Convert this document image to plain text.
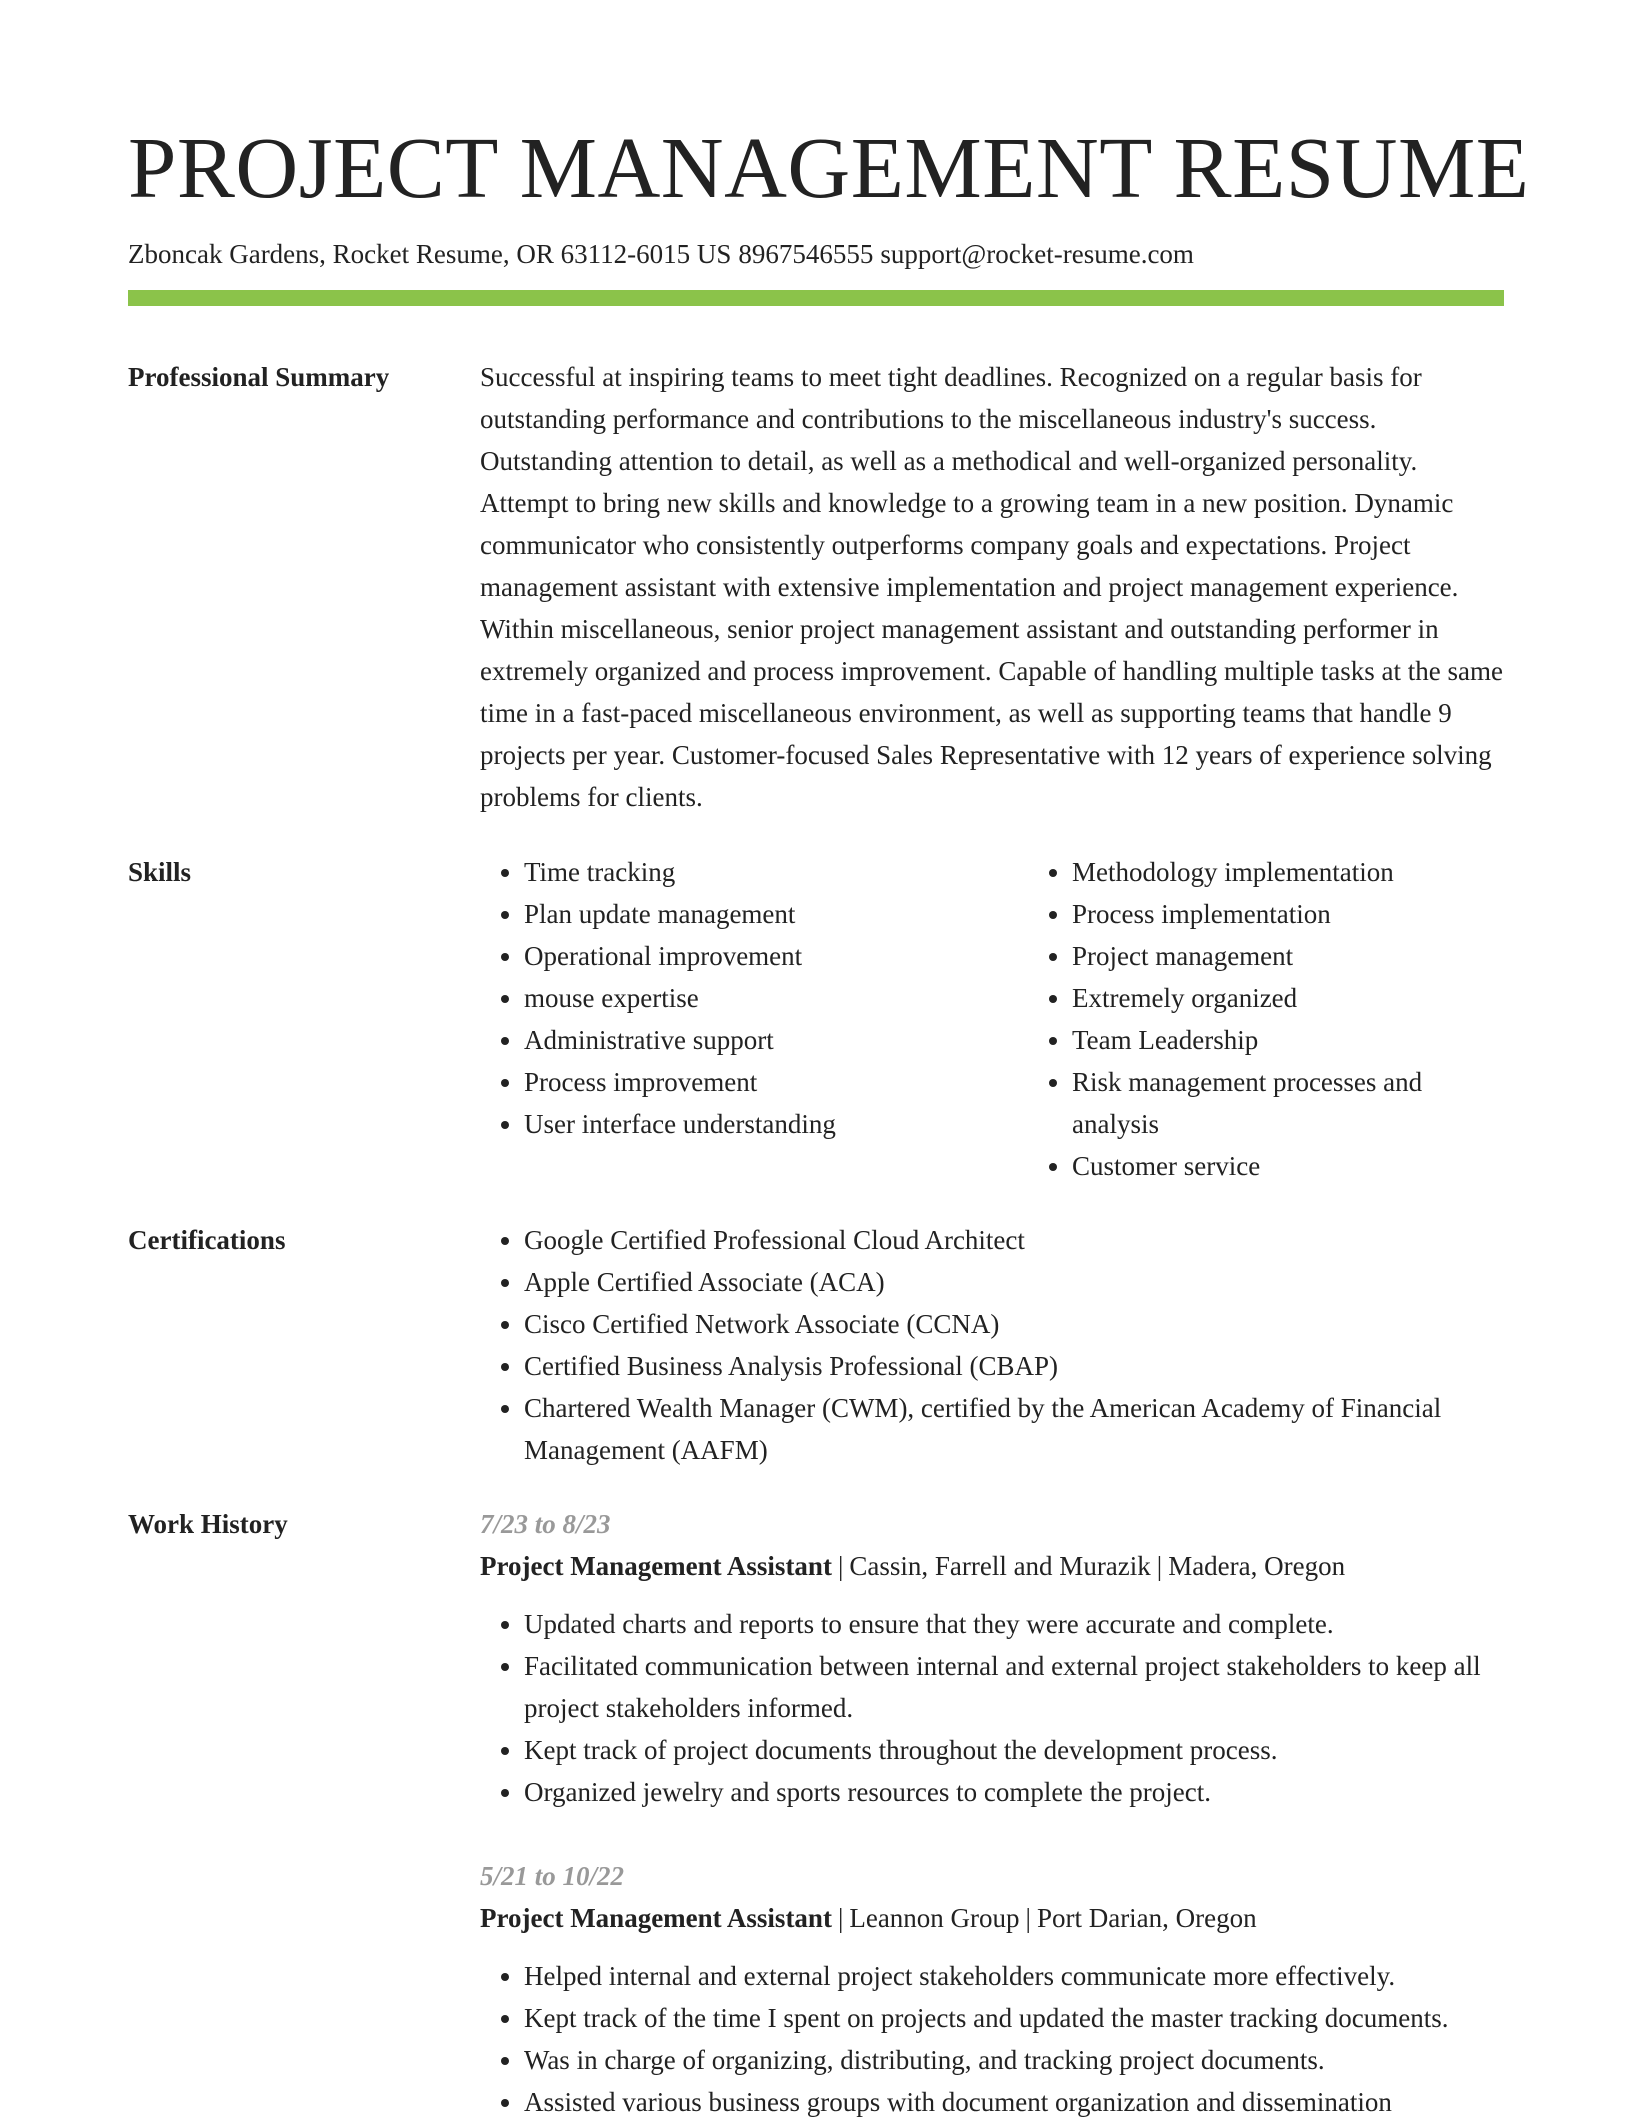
PROJECT MANAGEMENT RESUME
Zboncak Gardens, Rocket Resume, OR 63112-6015 US 8967546555 support@rocket-resume.com
Professional Summary	Successful at inspiring teams to meet tight deadlines. Recognized on a regular basis for outstanding performance and contributions to the miscellaneous industry's success. Outstanding attention to detail, as well as a methodical and well-organized personality. Attempt to bring new skills and knowledge to a growing team in a new position. Dynamic communicator who consistently outperforms company goals and expectations. Project management assistant with extensive implementation and project management experience. Within miscellaneous, senior project management assistant and outstanding performer in extremely organized and process improvement. Capable of handling multiple tasks at the same time in a fast-paced miscellaneous environment, as well as supporting teams that handle 9 projects per year. Customer-focused Sales Representative with 12 years of experience solving problems for clients.
Skills	• Time tracking
• Plan update management
• Operational improvement
• mouse expertise
• Administrative support
• Process improvement
• User interface understanding
• Methodology implementation
• Process implementation
• Project management
• Extremely organized
• Team Leadership
• Risk management processes and analysis
• Customer service
Certifications	• Google Certified Professional Cloud Architect
• Apple Certified Associate (ACA)
• Cisco Certified Network Associate (CCNA)
• Certified Business Analysis Professional (CBAP)
• Chartered Wealth Manager (CWM), certified by the American Academy of Financial Management (AAFM)
Work History	7/23 to 8/23
Project Management Assistant | Cassin, Farrell and Murazik | Madera, Oregon
• Updated charts and reports to ensure that they were accurate and complete.
• Facilitated communication between internal and external project stakeholders to keep all project stakeholders informed.
• Kept track of project documents throughout the development process.
• Organized jewelry and sports resources to complete the project.
5/21 to 10/22
Project Management Assistant | Leannon Group | Port Darian, Oregon
• Helped internal and external project stakeholders communicate more effectively.
• Kept track of the time I spent on projects and updated the master tracking documents.
• Was in charge of organizing, distributing, and tracking project documents.
• Assisted various business groups with document organization and dissemination
